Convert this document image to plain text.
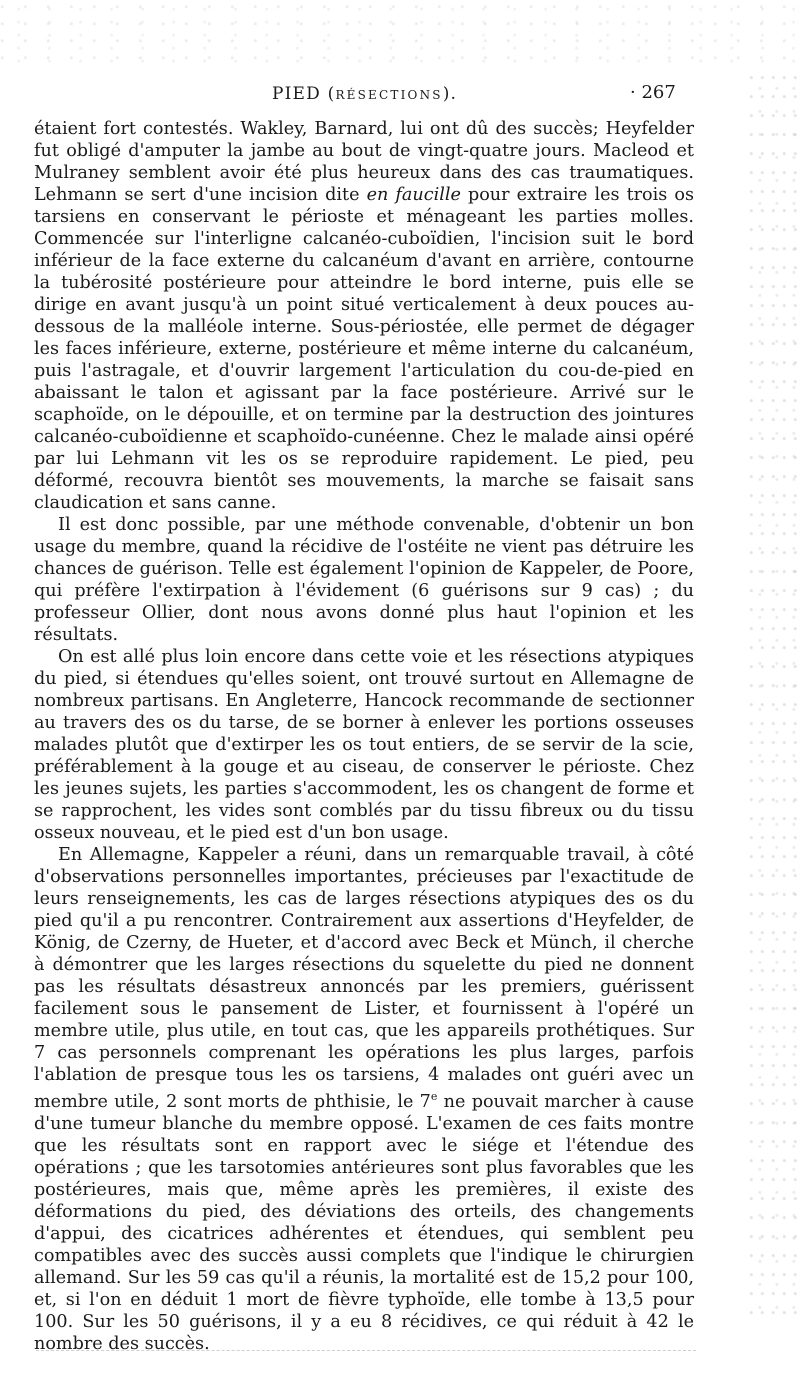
PIED (RÉSECTIONS).	· 267

étaient fort contestés. Wakley, Barnard, lui ont dû des succès; Heyfelder fut obligé d'amputer la jambe au bout de vingt-quatre jours. Macleod et Mulraney semblent avoir été plus heureux dans des cas traumatiques. Lehmann se sert d'une incision dite en faucille pour extraire les trois os tarsiens en conservant le périoste et ménageant les parties molles. Commencée sur l'interligne calcanéo-cuboïdien, l'incision suit le bord inférieur de la face externe du calcanéum d'avant en arrière, contourne la tubérosité postérieure pour atteindre le bord interne, puis elle se dirige en avant jusqu'à un point situé verticalement à deux pouces au-dessous de la malléole interne. Sous-périostée, elle permet de dégager les faces inférieure, externe, postérieure et même interne du calcanéum, puis l'astragale, et d'ouvrir largement l'articulation du cou-de-pied en abaissant le talon et agissant par la face postérieure. Arrivé sur le scaphoïde, on le dépouille, et on termine par la destruction des jointures calcanéo-cuboïdienne et scaphoïdo-cunéenne. Chez le malade ainsi opéré par lui Lehmann vit les os se reproduire rapidement. Le pied, peu déformé, recouvra bientôt ses mouvements, la marche se faisait sans claudication et sans canne.

Il est donc possible, par une méthode convenable, d'obtenir un bon usage du membre, quand la récidive de l'ostéite ne vient pas détruire les chances de guérison. Telle est également l'opinion de Kappeler, de Poore, qui préfère l'extirpation à l'évidement (6 guérisons sur 9 cas) ; du professeur Ollier, dont nous avons donné plus haut l'opinion et les résultats.

On est allé plus loin encore dans cette voie et les résections atypiques du pied, si étendues qu'elles soient, ont trouvé surtout en Allemagne de nombreux partisans. En Angleterre, Hancock recommande de sectionner au travers des os du tarse, de se borner à enlever les portions osseuses malades plutôt que d'extirper les os tout entiers, de se servir de la scie, préférablement à la gouge et au ciseau, de conserver le périoste. Chez les jeunes sujets, les parties s'accommodent, les os changent de forme et se rapprochent, les vides sont comblés par du tissu fibreux ou du tissu osseux nouveau, et le pied est d'un bon usage.

En Allemagne, Kappeler a réuni, dans un remarquable travail, à côté d'observations personnelles importantes, précieuses par l'exactitude de leurs renseignements, les cas de larges résections atypiques des os du pied qu'il a pu rencontrer. Contrairement aux assertions d'Heyfelder, de König, de Czerny, de Hueter, et d'accord avec Beck et Münch, il cherche à démontrer que les larges résections du squelette du pied ne donnent pas les résultats désastreux annoncés par les premiers, guérissent facilement sous le pansement de Lister, et fournissent à l'opéré un membre utile, plus utile, en tout cas, que les appareils prothétiques. Sur 7 cas personnels comprenant les opérations les plus larges, parfois l'ablation de presque tous les os tarsiens, 4 malades ont guéri avec un membre utile, 2 sont morts de phthisie, le 7e ne pouvait marcher à cause d'une tumeur blanche du membre opposé. L'examen de ces faits montre que les résultats sont en rapport avec le siége et l'étendue des opérations ; que les tarsotomies antérieures sont plus favorables que les postérieures, mais que, même après les premières, il existe des déformations du pied, des déviations des orteils, des changements d'appui, des cicatrices adhérentes et étendues, qui semblent peu compatibles avec des succès aussi complets que l'indique le chirurgien allemand. Sur les 59 cas qu'il a réunis, la mortalité est de 15,2 pour 100, et, si l'on en déduit 1 mort de fièvre typhoïde, elle tombe à 13,5 pour 100. Sur les 50 guérisons, il y a eu 8 récidives, ce qui réduit à 42 le nombre des succès.
